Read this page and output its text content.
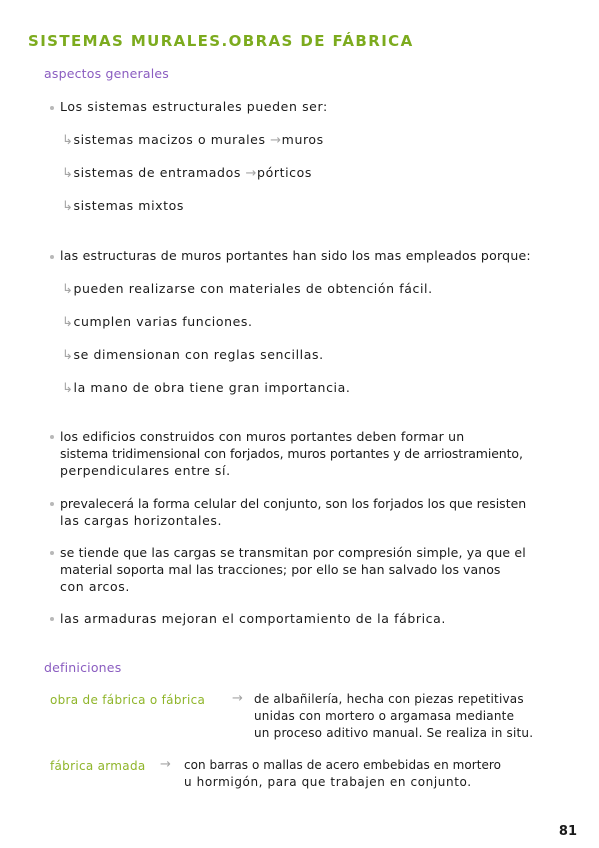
SISTEMAS MURALES.OBRAS DE FÁBRICA
aspectos generales
Los sistemas estructurales pueden ser:
↳sistemas macizos o murales →muros
↳sistemas de entramados →pórticos
↳sistemas mixtos
las estructuras de muros portantes han sido los mas empleados porque:
↳pueden realizarse con materiales de obtención fácil.
↳cumplen varias funciones.
↳se dimensionan con reglas sencillas.
↳la mano de obra tiene gran importancia.
los edificios construidos con muros portantes deben formar un
sistema tridimensional con forjados, muros portantes y de arriostramiento,
perpendiculares entre sí.
prevalecerá la forma celular del conjunto, son los forjados los que resisten
las cargas horizontales.
se tiende que las cargas se transmitan por compresión simple, ya que el
material soporta mal las tracciones; por ello se han salvado los vanos
con arcos.
las armaduras mejoran el comportamiento de la fábrica.
definiciones
obra de fábrica o fábrica → de albañilería, hecha con piezas repetitivas
unidas con mortero o argamasa mediante
un proceso aditivo manual. Se realiza in situ.
fábrica armada → con barras o mallas de acero embebidas en mortero
u hormigón, para que trabajen en conjunto.
81
